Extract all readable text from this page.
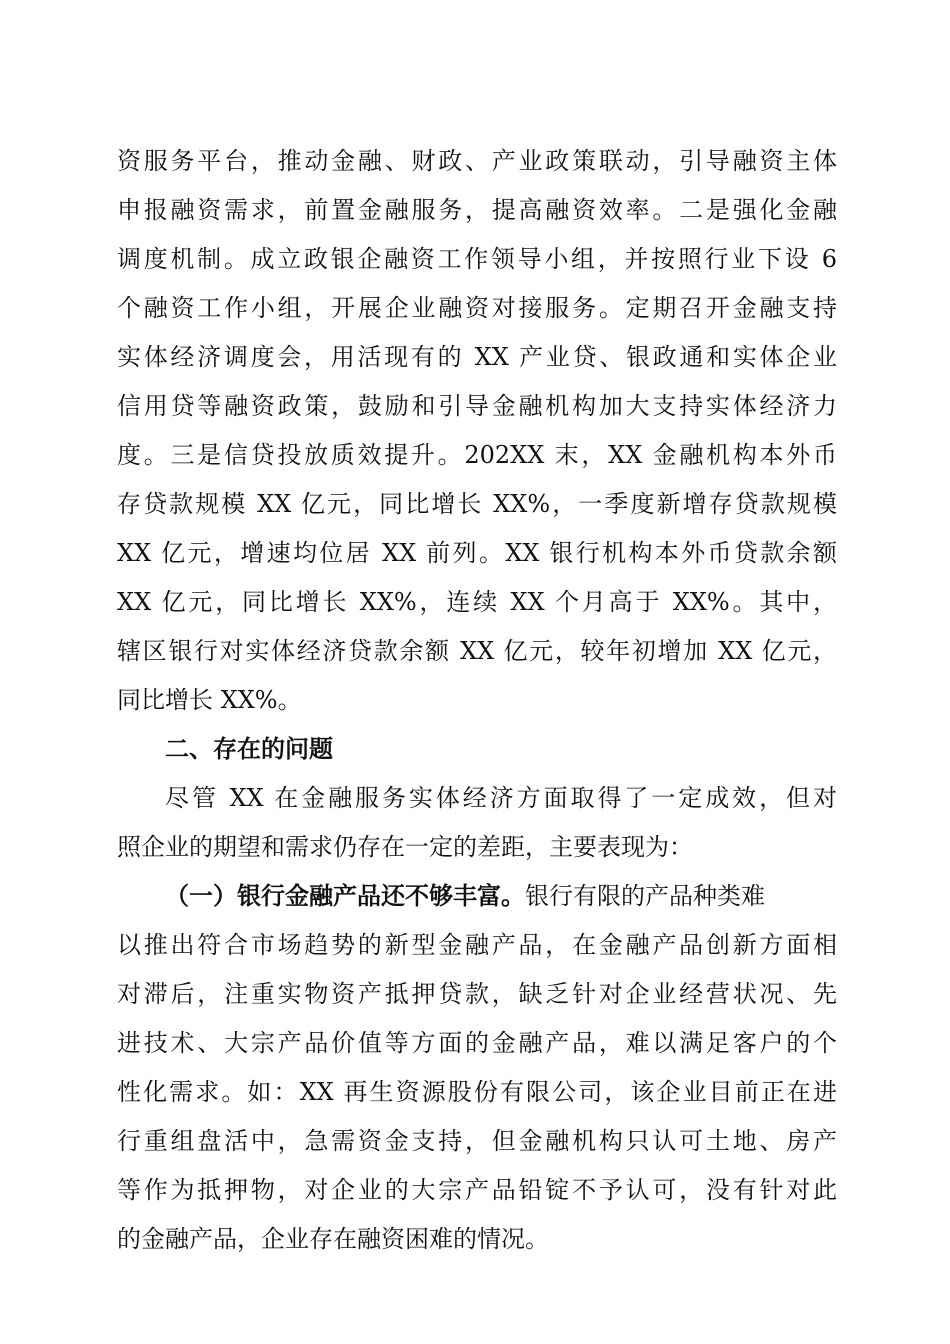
资服务平台，推动金融、财政、产业政策联动，引导融资主体
申报融资需求，前置金融服务，提高融资效率。二是强化金融
调度机制。成立政银企融资工作领导小组，并按照行业下设 6
个融资工作小组，开展企业融资对接服务。定期召开金融支持
实体经济调度会，用活现有的 XX 产业贷、银政通和实体企业
信用贷等融资政策，鼓励和引导金融机构加大支持实体经济力
度。三是信贷投放质效提升。202XX 末，XX 金融机构本外币
存贷款规模 XX 亿元，同比增长 XX%，一季度新增存贷款规模
XX 亿元，增速均位居 XX 前列。XX 银行机构本外币贷款余额
XX 亿元，同比增长 XX%，连续 XX 个月高于 XX%。其中，
辖区银行对实体经济贷款余额 XX 亿元，较年初增加 XX 亿元，
同比增长 XX%。
二、存在的问题
尽管 XX 在金融服务实体经济方面取得了一定成效，但对
照企业的期望和需求仍存在一定的差距，主要表现为：
（一）银行金融产品还不够丰富。银行有限的产品种类难
以推出符合市场趋势的新型金融产品，在金融产品创新方面相
对滞后，注重实物资产抵押贷款，缺乏针对企业经营状况、先
进技术、大宗产品价值等方面的金融产品，难以满足客户的个
性化需求。如：XX 再生资源股份有限公司，该企业目前正在进
行重组盘活中，急需资金支持，但金融机构只认可土地、房产
等作为抵押物，对企业的大宗产品铅锭不予认可，没有针对此
的金融产品，企业存在融资困难的情况。
